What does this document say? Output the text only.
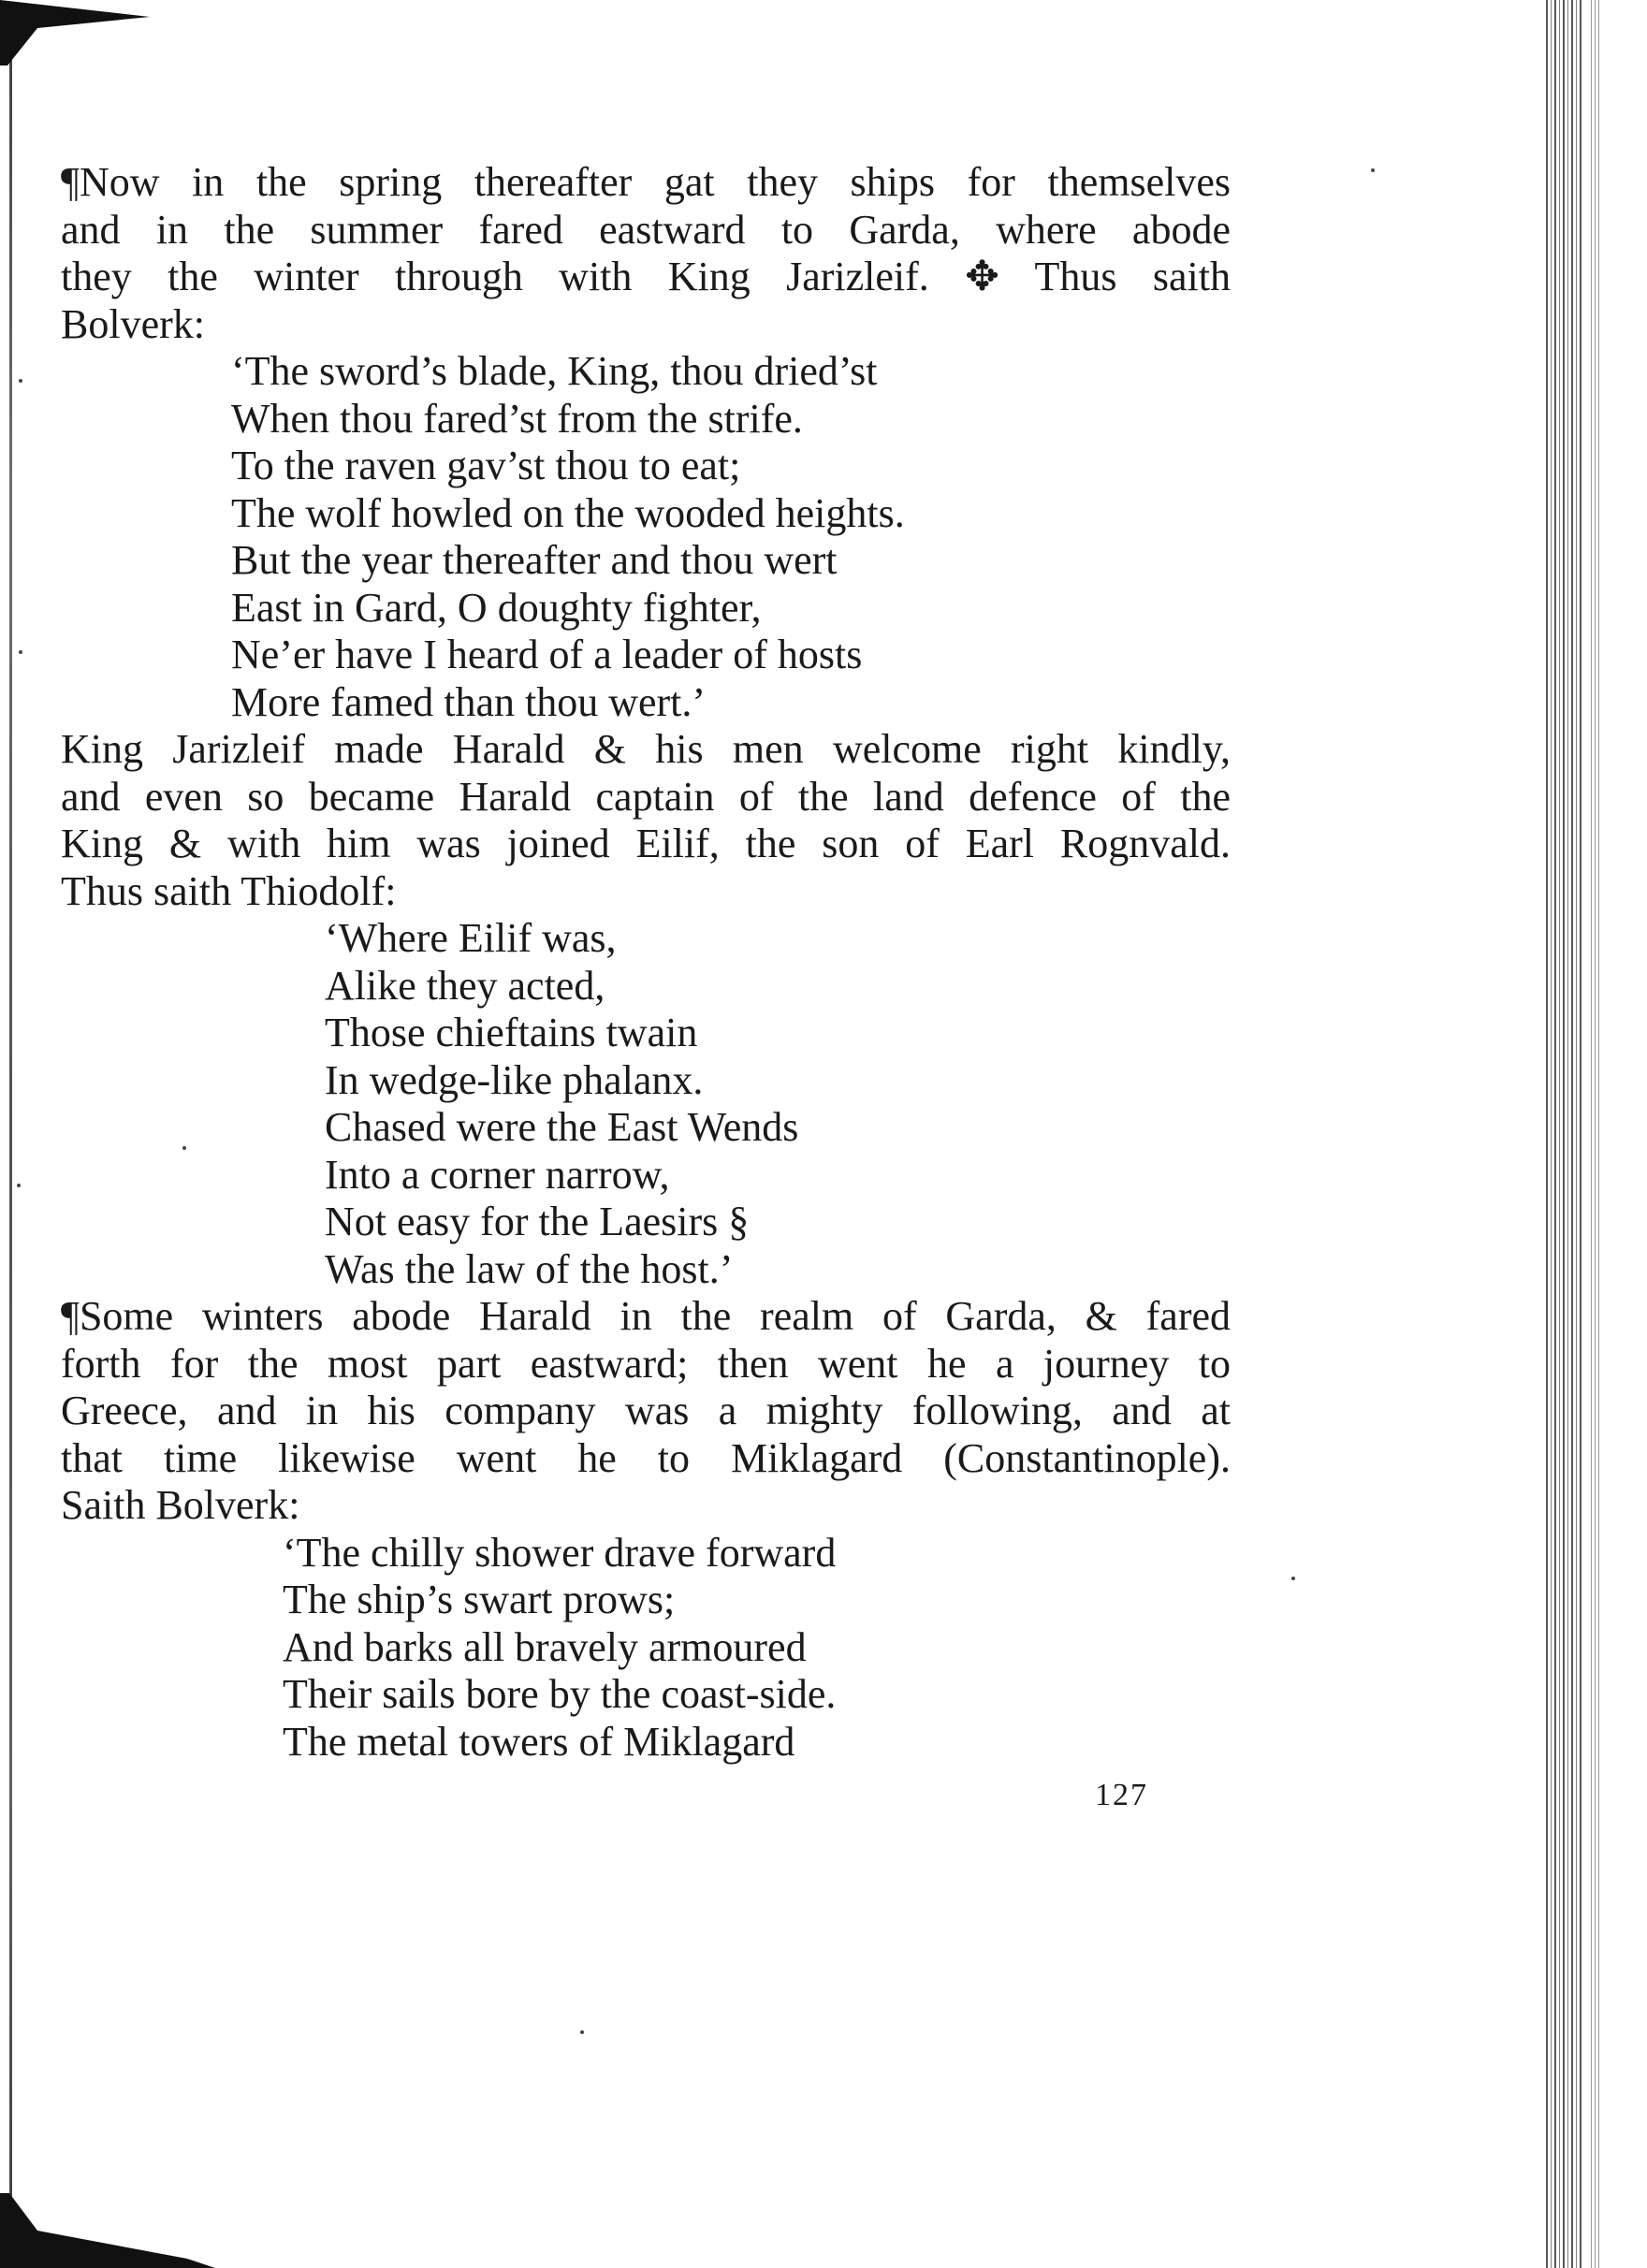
¶Now in the spring thereafter gat they ships for themselves
and in the summer fared eastward to Garda, where abode
they the winter through with King Jarizleif. ✥ Thus saith
Bolverk:

‘The sword’s blade, King, thou dried’st
When thou fared’st from the strife.
To the raven gav’st thou to eat;
The wolf howled on the wooded heights.
But the year thereafter and thou wert
East in Gard, O doughty fighter,
Ne’er have I heard of a leader of hosts
More famed than thou wert.’

King Jarizleif made Harald & his men welcome right kindly,
and even so became Harald captain of the land defence of the
King & with him was joined Eilif, the son of Earl Rognvald.
Thus saith Thiodolf:

‘Where Eilif was,
Alike they acted,
Those chieftains twain
In wedge-like phalanx.
Chased were the East Wends
Into a corner narrow,
Not easy for the Laesirs §
Was the law of the host.’

¶Some winters abode Harald in the realm of Garda, & fared
forth for the most part eastward; then went he a journey to
Greece, and in his company was a mighty following, and at
that time likewise went he to Miklagard (Constantinople).
Saith Bolverk:

‘The chilly shower drave forward
The ship’s swart prows;
And barks all bravely armoured
Their sails bore by the coast-side.
The metal towers of Miklagard
127
